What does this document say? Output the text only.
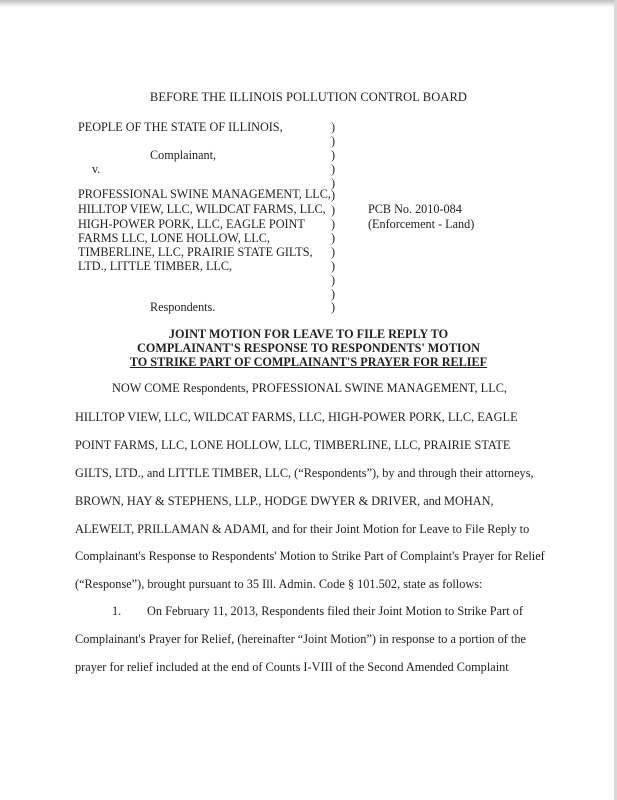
BEFORE THE ILLINOIS POLLUTION CONTROL BOARD
PEOPLE OF THE STATE OF ILLINOIS,
Complainant,
v.
PROFESSIONAL SWINE MANAGEMENT, LLC,
HILLTOP VIEW, LLC, WILDCAT FARMS, LLC,
HIGH-POWER PORK, LLC, EAGLE POINT
FARMS LLC, LONE HOLLOW, LLC,
TIMBERLINE, LLC, PRAIRIE STATE GILTS,
LTD., LITTLE TIMBER, LLC,
Respondents.
)
)
)
)
)
)
)
)
)
)
)
)
)
)
PCB No. 2010-084
(Enforcement - Land)
JOINT MOTION FOR LEAVE TO FILE REPLY TO
COMPLAINANT'S RESPONSE TO RESPONDENTS' MOTION
TO STRIKE PART OF COMPLAINANT'S PRAYER FOR RELIEF
NOW COME Respondents, PROFESSIONAL SWINE MANAGEMENT, LLC,
HILLTOP VIEW, LLC, WILDCAT FARMS, LLC, HIGH-POWER PORK, LLC, EAGLE
POINT FARMS, LLC, LONE HOLLOW, LLC, TIMBERLINE, LLC, PRAIRIE STATE
GILTS, LTD., and LITTLE TIMBER, LLC, (“Respondents”), by and through their attorneys,
BROWN, HAY & STEPHENS, LLP., HODGE DWYER & DRIVER, and MOHAN,
ALEWELT, PRILLAMAN & ADAMI, and for their Joint Motion for Leave to File Reply to
Complainant's Response to Respondents' Motion to Strike Part of Complaint's Prayer for Relief
(“Response”), brought pursuant to 35 Ill. Admin. Code § 101.502, state as follows:
1. On February 11, 2013, Respondents filed their Joint Motion to Strike Part of
Complainant's Prayer for Relief, (hereinafter “Joint Motion”) in response to a portion of the
prayer for relief included at the end of Counts I-VIII of the Second Amended Complaint
